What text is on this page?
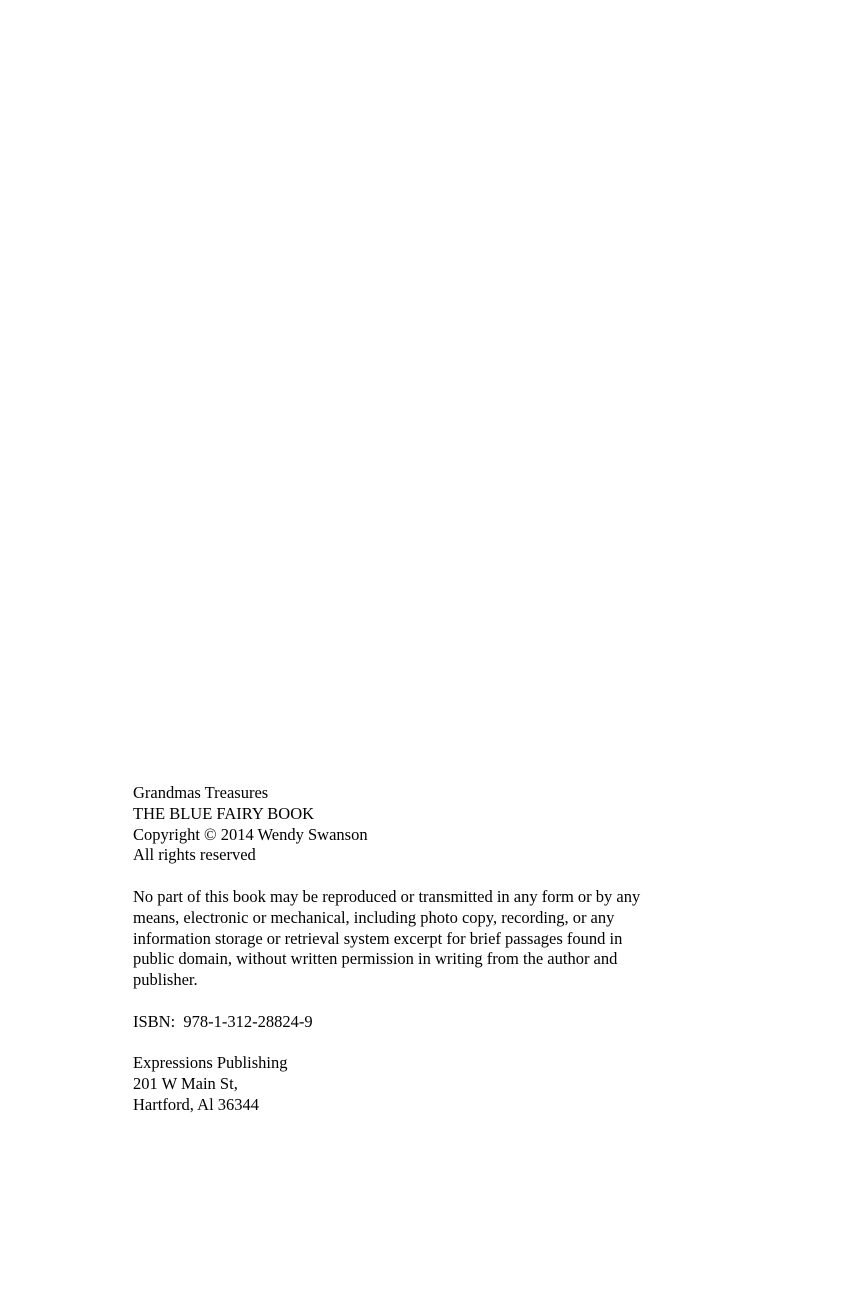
Grandmas Treasures
THE BLUE FAIRY BOOK
Copyright © 2014 Wendy Swanson
All rights reserved
No part of this book may be reproduced or transmitted in any form or by any
means, electronic or mechanical, including photo copy, recording, or any
information storage or retrieval system excerpt for brief passages found in
public domain, without written permission in writing from the author and
publisher.
ISBN:  978-1-312-28824-9
Expressions Publishing
201 W Main St,
Hartford, Al 36344
